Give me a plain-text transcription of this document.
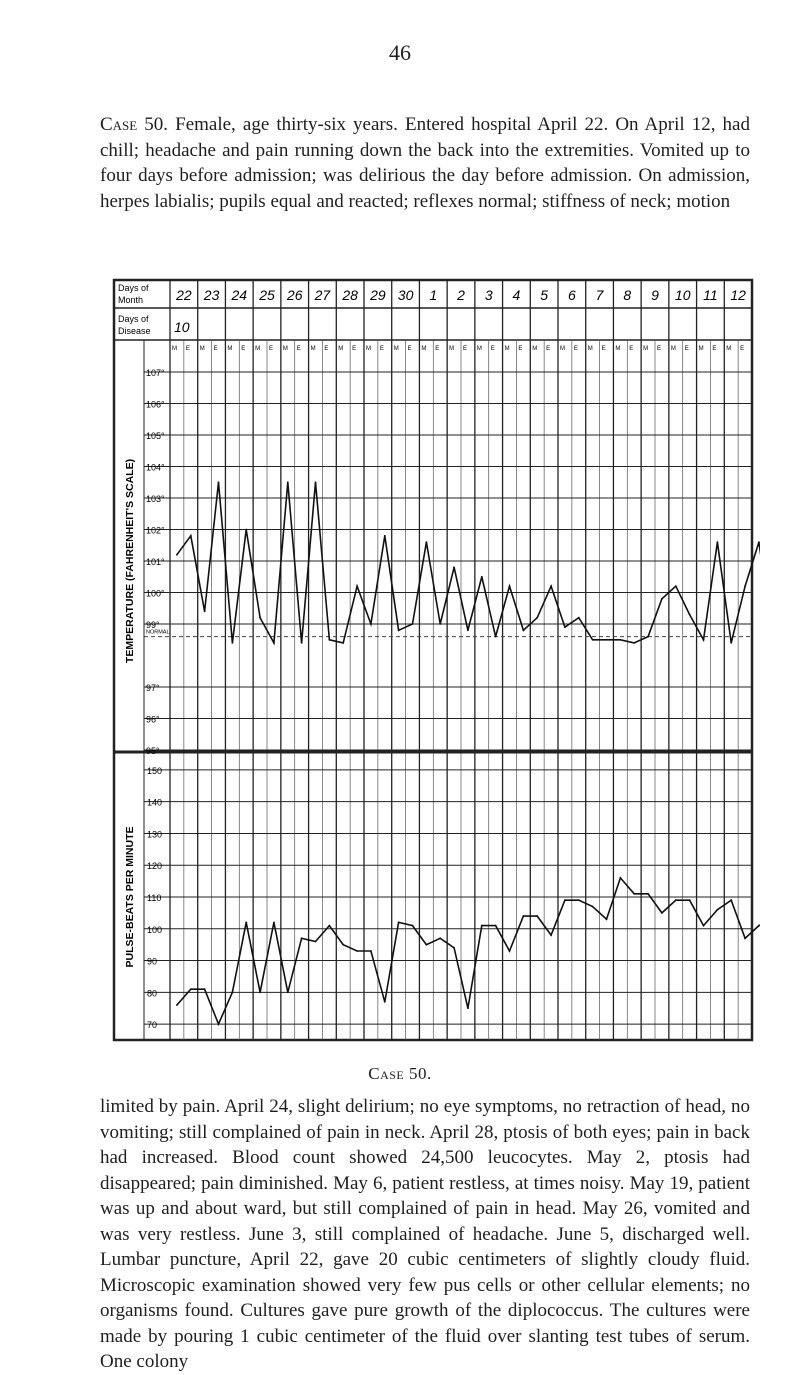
46

Case 50. Female, age thirty-six years. Entered hospital April 22. On April 12, had chill; headache and pain running down the back into the extremities. Vomited up to four days before admission; was delirious the day before admission. On admission, herpes labialis; pupils equal and reacted; reflexes normal; stiffness of neck; motion

Days of
Month
Days of
Disease
22 23 24 25 26 27 28 29 30 1 2 3 4 5 6 7 8 9 10 11 12
10
M E M E M E M E M E M E M E M E M E M E M E M E M E M E M E M E M E M E M E M E M E
107°
106°
105°
104°
103°
102°
101°
100°
99°
NORMAL
97°
96°
95°
TEMPERATURE (FAHRENHEIT'S SCALE)
150
140
130
120
110
100
90
80
70
PULSE-BEATS PER MINUTE
Case 50.

limited by pain. April 24, slight delirium; no eye symptoms, no retraction of head, no vomiting; still complained of pain in neck. April 28, ptosis of both eyes; pain in back had increased. Blood count showed 24,500 leucocytes. May 2, ptosis had disappeared; pain diminished. May 6, patient restless, at times noisy. May 19, patient was up and about ward, but still complained of pain in head. May 26, vomited and was very restless. June 3, still complained of headache. June 5, discharged well. Lumbar puncture, April 22, gave 20 cubic centimeters of slightly cloudy fluid. Microscopic examination showed very few pus cells or other cellular elements; no organisms found. Cultures gave pure growth of the diplococcus. The cultures were made by pouring 1 cubic centimeter of the fluid over slanting test tubes of serum. One colony
